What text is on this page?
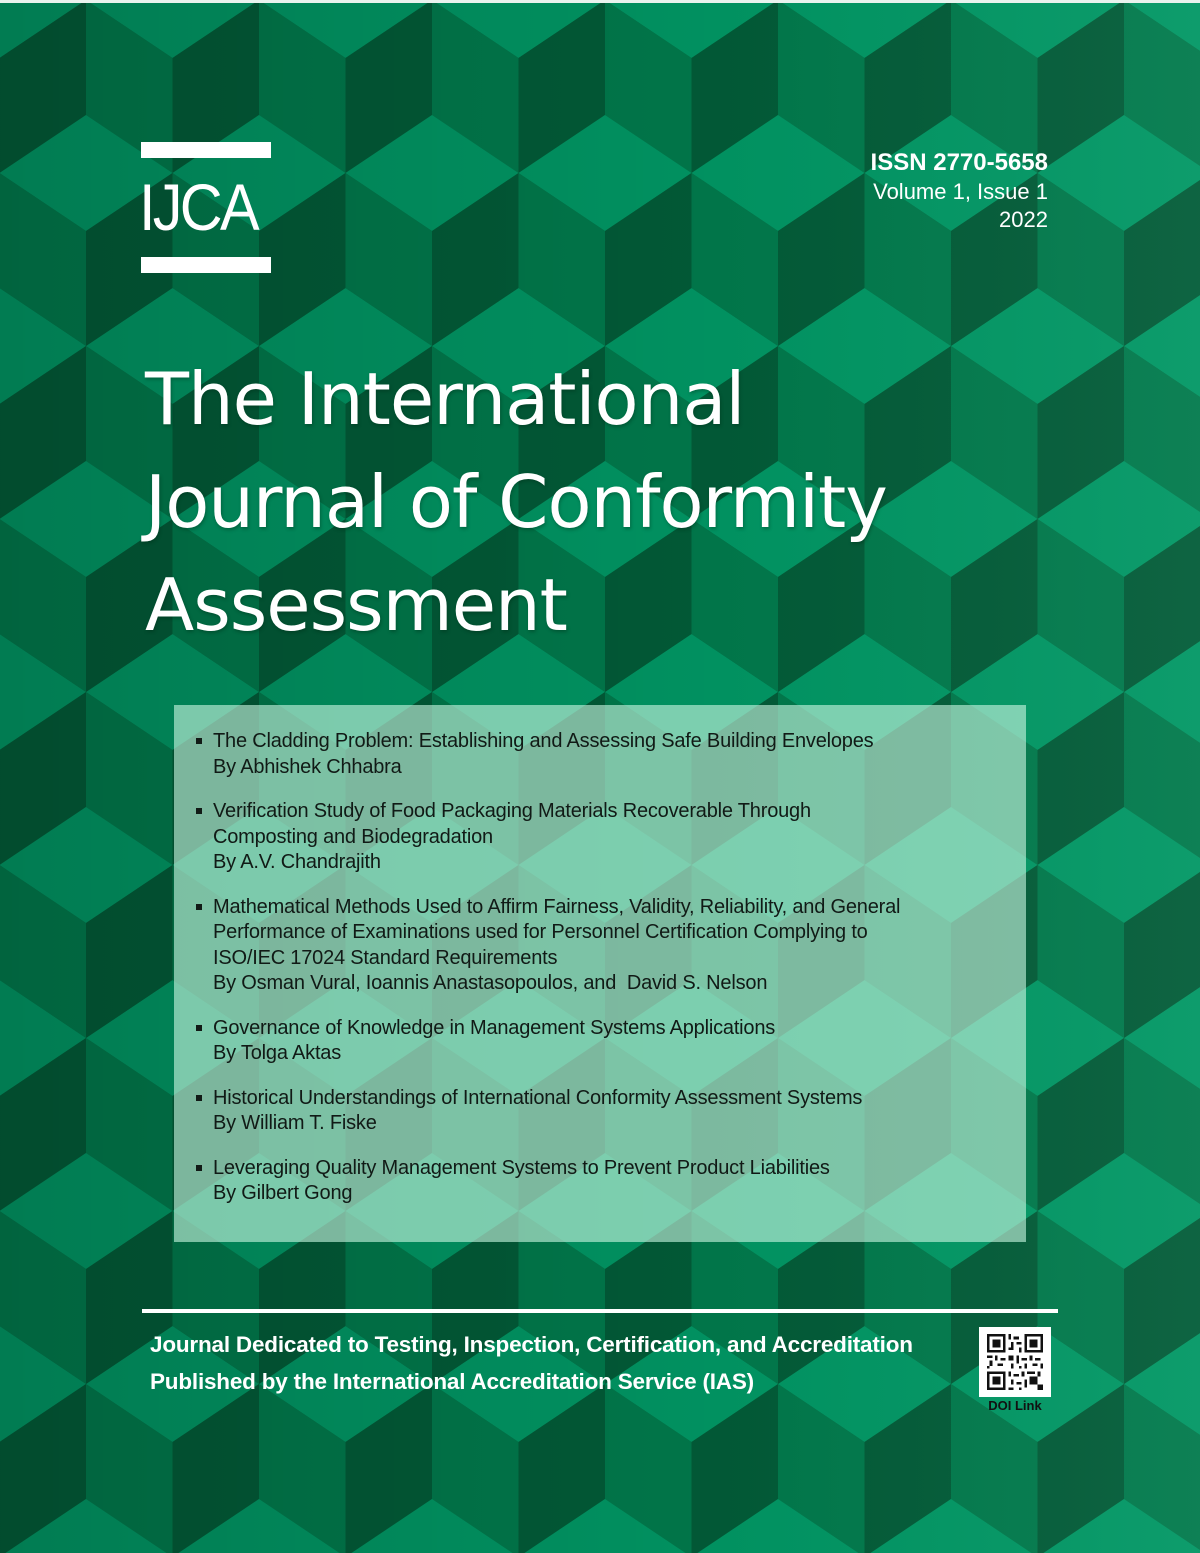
IJCA
ISSN 2770-5658
Volume 1, Issue 1
2022
The International
Journal of Conformity
Assessment
The Cladding Problem: Establishing and Assessing Safe Building Envelopes
By Abhishek Chhabra
Verification Study of Food Packaging Materials Recoverable Through
Composting and Biodegradation
By A.V. Chandrajith
Mathematical Methods Used to Affirm Fairness, Validity, Reliability, and General
Performance of Examinations used for Personnel Certification Complying to
ISO/IEC 17024 Standard Requirements
By Osman Vural, Ioannis Anastasopoulos, and  David S. Nelson
Governance of Knowledge in Management Systems Applications
By Tolga Aktas
Historical Understandings of International Conformity Assessment Systems
By William T. Fiske
Leveraging Quality Management Systems to Prevent Product Liabilities
By Gilbert Gong
Journal Dedicated to Testing, Inspection, Certification, and Accreditation
Published by the International Accreditation Service (IAS)
DOI Link
